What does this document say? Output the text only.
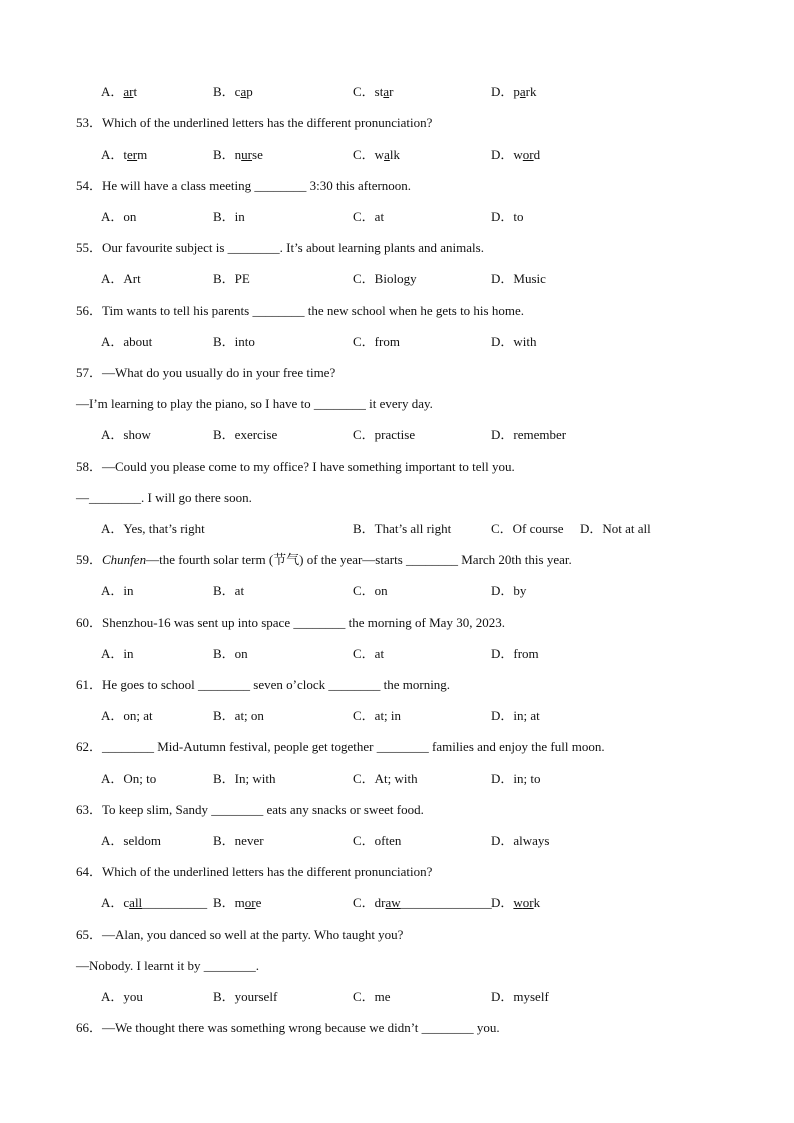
A．art	B．cap	C．star	D．park
53．Which of the underlined letters has the different pronunciation?
A．term	B．nurse	C．walk	D．word
54．He will have a class meeting ________ 3:30 this afternoon.
A．on	B．in	C．at	D．to
55．Our favourite subject is ________. It’s about learning plants and animals.
A．Art	B．PE	C．Biology	D．Music
56．Tim wants to tell his parents ________ the new school when he gets to his home.
A．about	B．into	C．from	D．with
57．—What do you usually do in your free time?
—I’m learning to play the piano, so I have to ________ it every day.
A．show	B．exercise	C．practise	D．remember
58．—Could you please come to my office? I have something important to tell you.
—________. I will go there soon.
A．Yes, that’s right	B．That’s all right	C．Of course D．Not at all
59．Chunfen—the fourth solar term (节气) of the year—starts ________ March 20th this year.
A．in	B．at	C．on	D．by
60．Shenzhou-16 was sent up into space ________ the morning of May 30, 2023.
A．in	B．on	C．at	D．from
61．He goes to school ________ seven o’clock ________ the morning.
A．on; at	B．at; on	C．at; in	D．in; at
62．________ Mid-Autumn festival, people get together ________ families and enjoy the full moon.
A．On; to	B．In; with	C．At; with	D．in; to
63．To keep slim, Sandy ________ eats any snacks or sweet food.
A．seldom	B．never	C．often	D．always
64．Which of the underlined letters has the different pronunciation?
A．call__________ B．more	C．draw______________ D．work
65．—Alan, you danced so well at the party. Who taught you?
—Nobody. I learnt it by ________.
A．you	B．yourself	C．me	D．myself
66．—We thought there was something wrong because we didn’t ________ you.
